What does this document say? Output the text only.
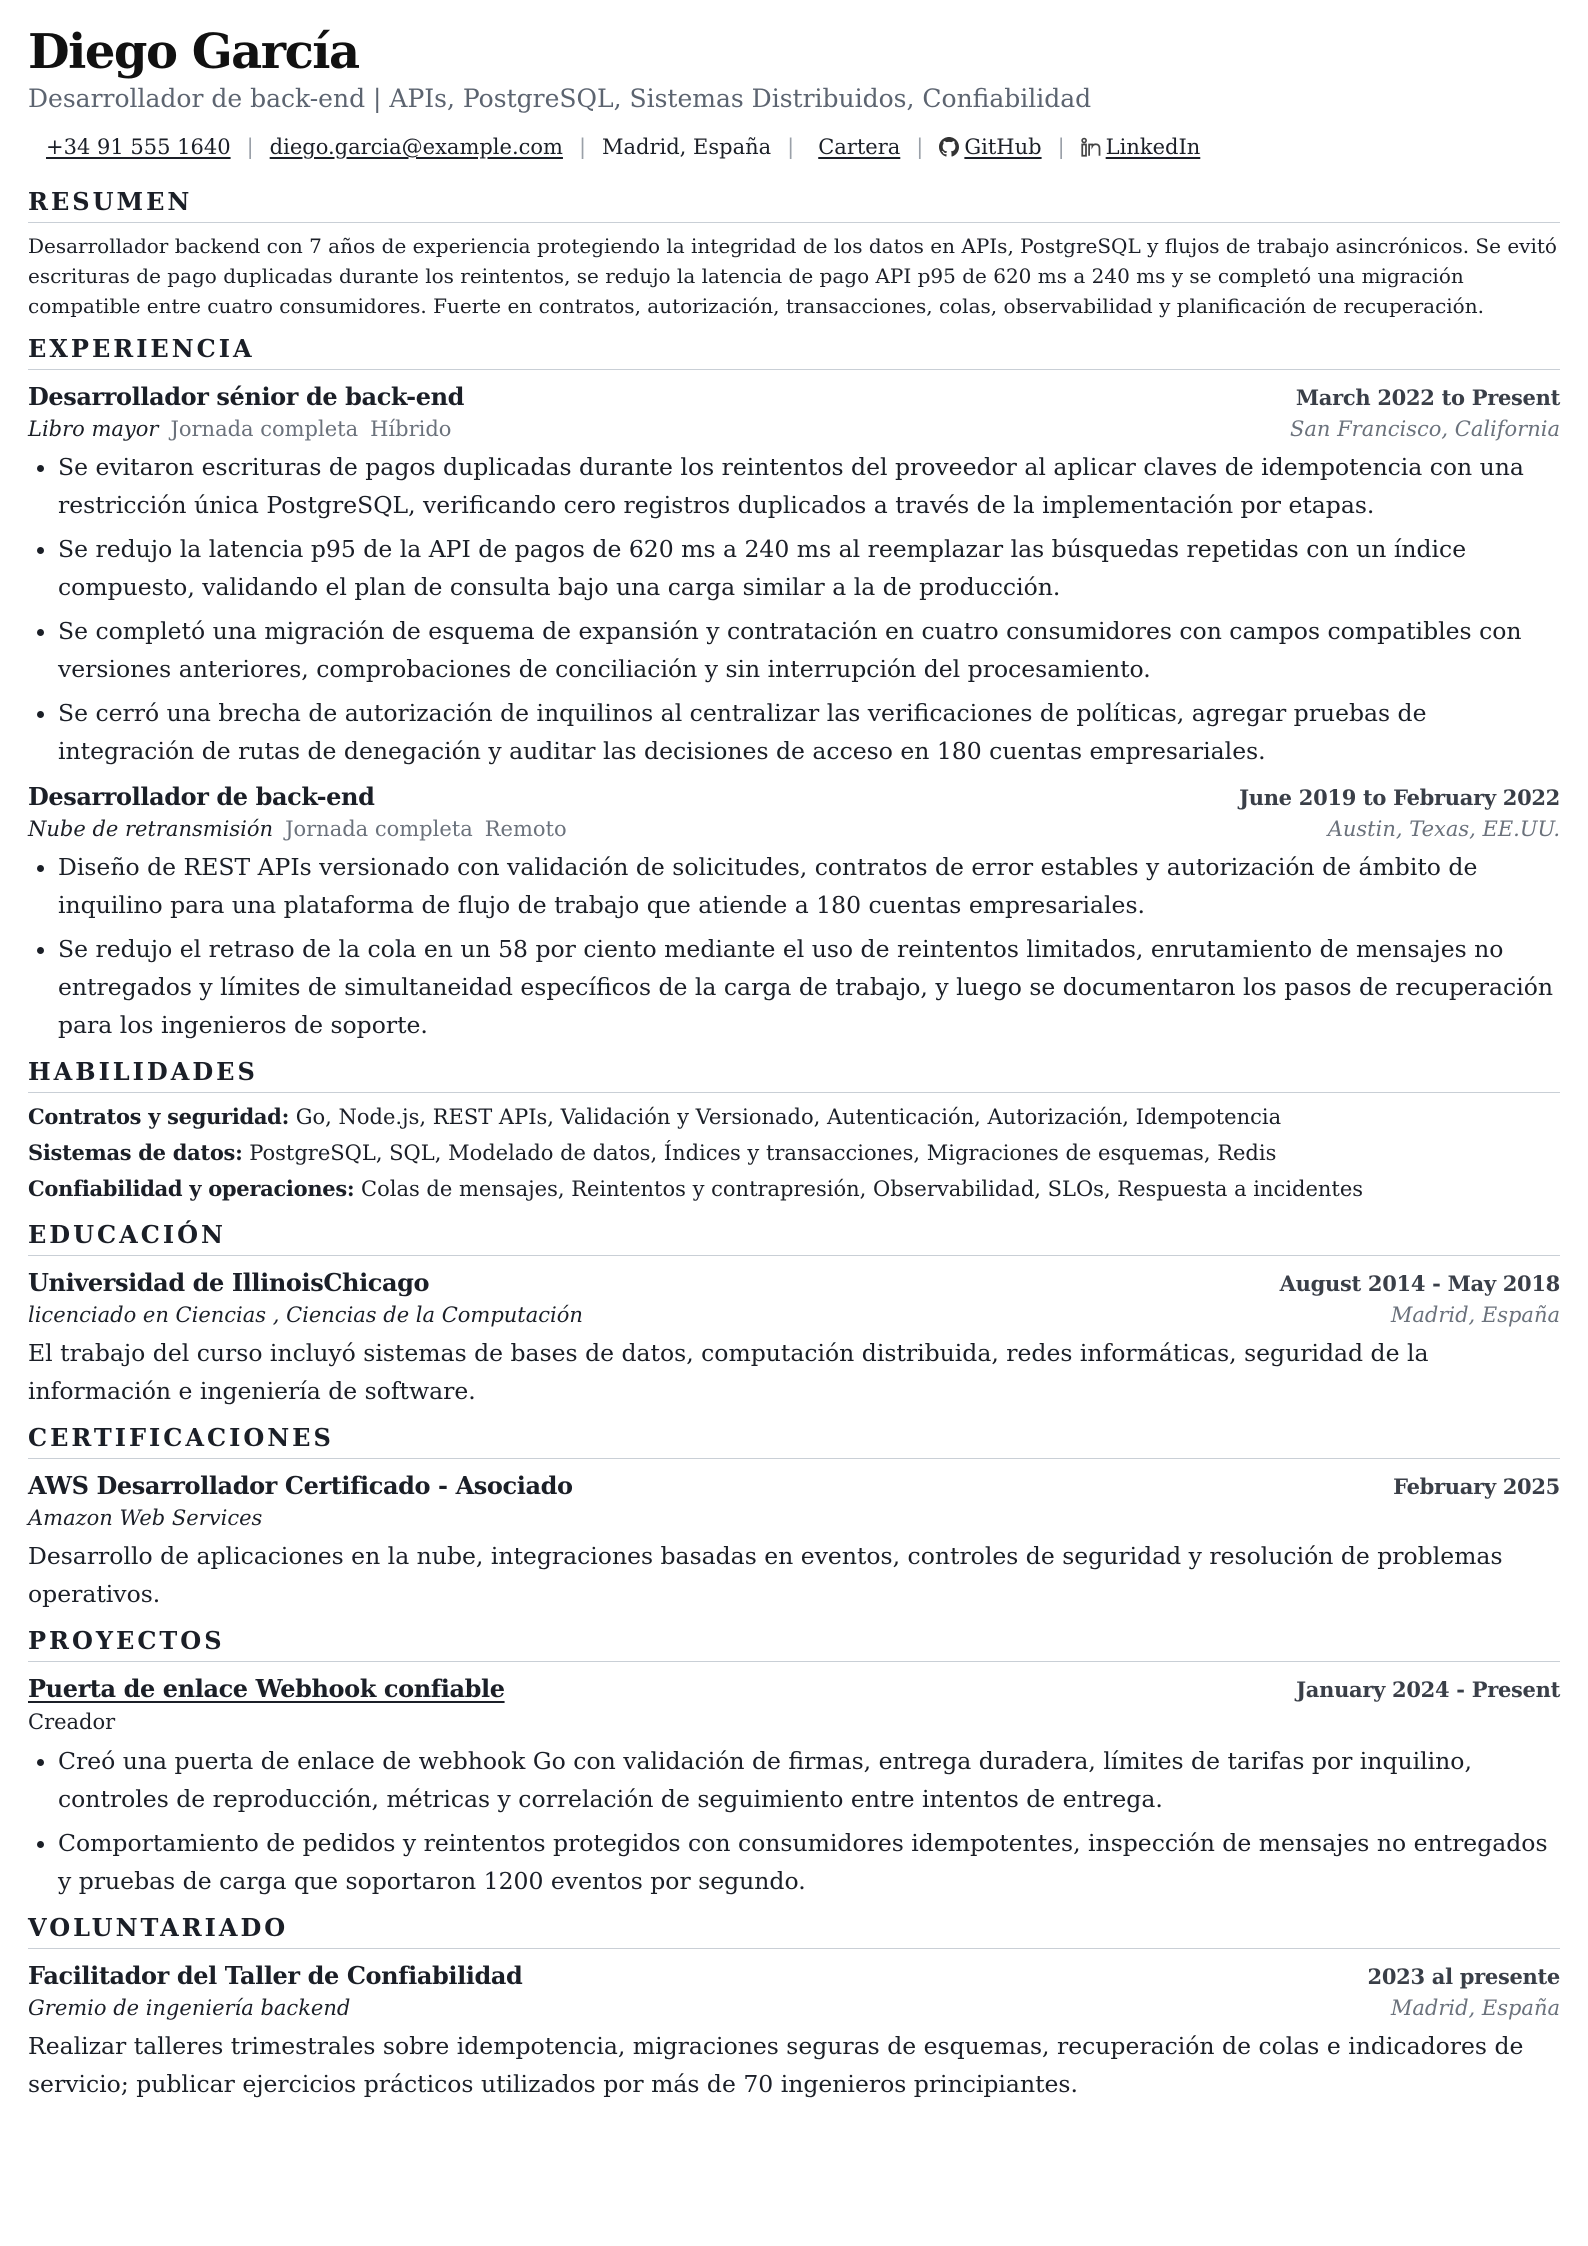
Diego García

Desarrollador de back-end | APIs, PostgreSQL, Sistemas Distribuidos, Confiabilidad

+34 91 555 1640 | diego.garcia@example.com | Madrid, España | Cartera | GitHub | LinkedIn
RESUMEN

Desarrollador backend con 7 años de experiencia protegiendo la integridad de los datos en APIs, PostgreSQL y flujos de trabajo asincrónicos. Se evitó escrituras de pago duplicadas durante los reintentos, se redujo la latencia de pago API p95 de 620 ms a 240 ms y se completó una migración compatible entre cuatro consumidores. Fuerte en contratos, autorización, transacciones, colas, observabilidad y planificación de recuperación.

EXPERIENCIA
Desarrollador sénior de back-end	March 2022 to Present
Libro mayor Jornada completa Híbrido	San Francisco, California
• Se evitaron escrituras de pagos duplicadas durante los reintentos del proveedor al aplicar claves de idempotencia con una restricción única PostgreSQL, verificando cero registros duplicados a través de la implementación por etapas.
• Se redujo la latencia p95 de la API de pagos de 620 ms a 240 ms al reemplazar las búsquedas repetidas con un índice compuesto, validando el plan de consulta bajo una carga similar a la de producción.
• Se completó una migración de esquema de expansión y contratación en cuatro consumidores con campos compatibles con versiones anteriores, comprobaciones de conciliación y sin interrupción del procesamiento.
• Se cerró una brecha de autorización de inquilinos al centralizar las verificaciones de políticas, agregar pruebas de integración de rutas de denegación y auditar las decisiones de acceso en 180 cuentas empresariales.
Desarrollador de back-end	June 2019 to February 2022
Nube de retransmisión Jornada completa Remoto	Austin, Texas, EE.UU.
• Diseño de REST APIs versionado con validación de solicitudes, contratos de error estables y autorización de ámbito de inquilino para una plataforma de flujo de trabajo que atiende a 180 cuentas empresariales.
• Se redujo el retraso de la cola en un 58 por ciento mediante el uso de reintentos limitados, enrutamiento de mensajes no entregados y límites de simultaneidad específicos de la carga de trabajo, y luego se documentaron los pasos de recuperación para los ingenieros de soporte.
HABILIDADES
Contratos y seguridad: Go, Node.js, REST APIs, Validación y Versionado, Autenticación, Autorización, Idempotencia
Sistemas de datos: PostgreSQL, SQL, Modelado de datos, Índices y transacciones, Migraciones de esquemas, Redis
Confiabilidad y operaciones: Colas de mensajes, Reintentos y contrapresión, Observabilidad, SLOs, Respuesta a incidentes
EDUCACIÓN
Universidad de IllinoisChicago	August 2014 - May 2018
licenciado en Ciencias , Ciencias de la Computación	Madrid, España
El trabajo del curso incluyó sistemas de bases de datos, computación distribuida, redes informáticas, seguridad de la información e ingeniería de software.
CERTIFICACIONES
AWS Desarrollador Certificado - Asociado	February 2025
Amazon Web Services
Desarrollo de aplicaciones en la nube, integraciones basadas en eventos, controles de seguridad y resolución de problemas operativos.
PROYECTOS
Puerta de enlace Webhook confiable	January 2024 - Present
Creador
• Creó una puerta de enlace de webhook Go con validación de firmas, entrega duradera, límites de tarifas por inquilino, controles de reproducción, métricas y correlación de seguimiento entre intentos de entrega.
• Comportamiento de pedidos y reintentos protegidos con consumidores idempotentes, inspección de mensajes no entregados y pruebas de carga que soportaron 1200 eventos por segundo.
VOLUNTARIADO
Facilitador del Taller de Confiabilidad	2023 al presente
Gremio de ingeniería backend	Madrid, España
Realizar talleres trimestrales sobre idempotencia, migraciones seguras de esquemas, recuperación de colas e indicadores de servicio; publicar ejercicios prácticos utilizados por más de 70 ingenieros principiantes.
